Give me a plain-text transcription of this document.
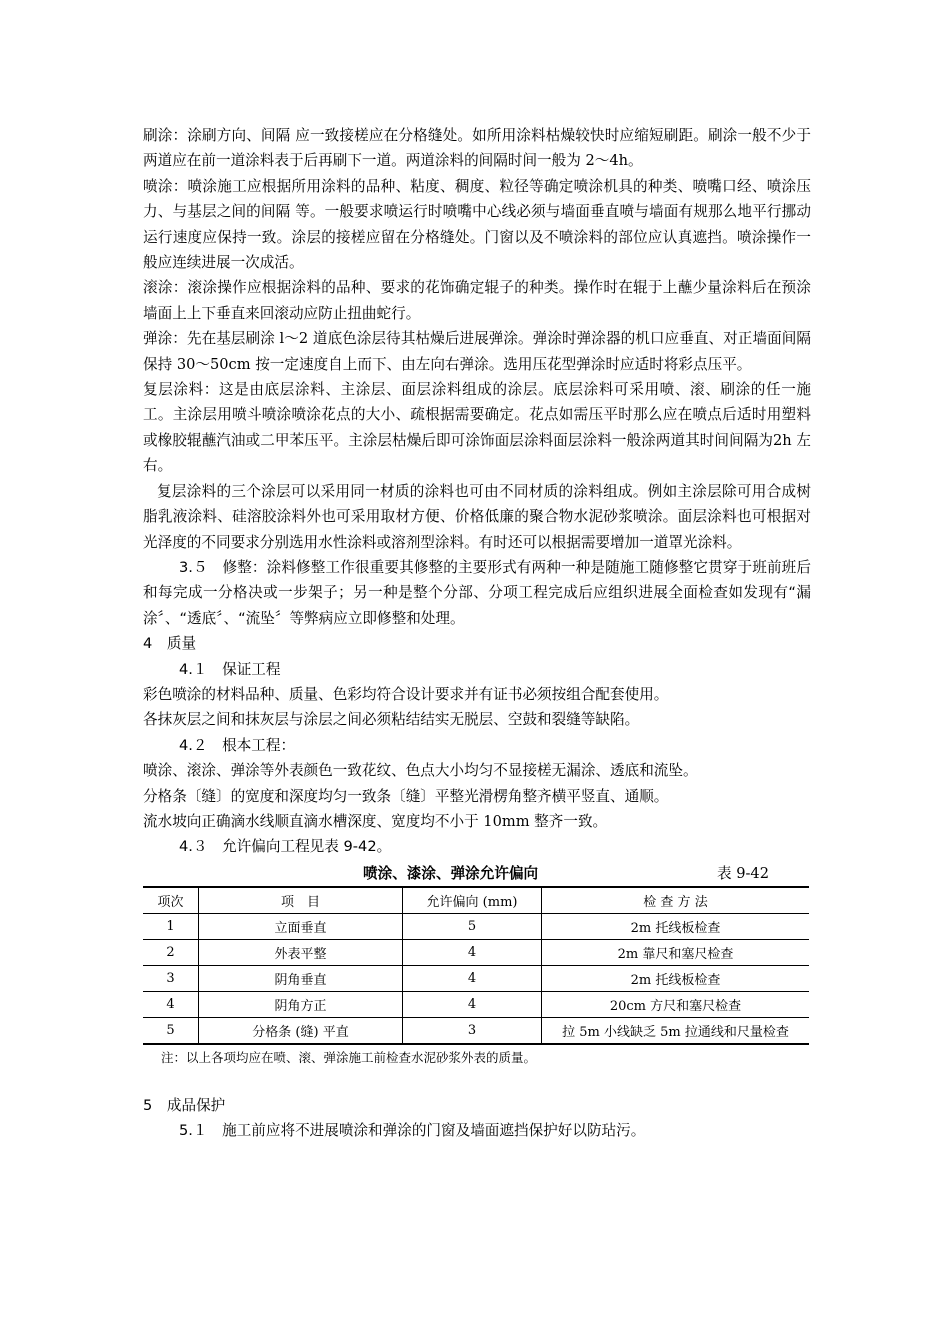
刷涂：涂刷方向、间隔 应一致接槎应在分格缝处。如所用涂料枯燥较快时应缩短刷距。刷涂一般不少于两道应在前一道涂料表于后再刷下一道。两道涂料的间隔时间一般为 2～4h。

喷涂：喷涂施工应根据所用涂料的品种、粘度、稠度、粒径等确定喷涂机具的种类、喷嘴口经、喷涂压力、与基层之间的间隔 等。一般要求喷运行时喷嘴中心线必须与墙面垂直喷与墙面有规那么地平行挪动运行速度应保持一致。涂层的接槎应留在分格缝处。门窗以及不喷涂料的部位应认真遮挡。喷涂操作一般应连续进展一次成活。

滚涂：滚涂操作应根据涂料的品种、要求的花饰确定辊子的种类。操作时在辊于上蘸少量涂料后在预涂墙面上上下垂直来回滚动应防止扭曲蛇行。

弹涂：先在基层刷涂 l～2 道底色涂层待其枯燥后进展弹涂。弹涂时弹涂器的机口应垂直、对正墙面间隔 保持 30～50cm 按一定速度自上而下、由左向右弹涂。选用压花型弹涂时应适时将彩点压平。

复层涂料：这是由底层涂料、主涂层、面层涂料组成的涂层。底层涂料可采用喷、滚、刷涂的任一施工。主涂层用喷斗喷涂喷涂花点的大小、疏根据需要确定。花点如需压平时那么应在喷点后适时用塑料或橡胶辊蘸汽油或二甲苯压平。主涂层枯燥后即可涂饰面层涂料面层涂料一般涂两道其时间间隔为2h 左右。

复层涂料的三个涂层可以采用同一材质的涂料也可由不同材质的涂料组成。例如主涂层除可用合成树脂乳液涂料、硅溶胶涂料外也可采用取材方便、价格低廉的聚合物水泥砂浆喷涂。面层涂料也可根据对光泽度的不同要求分别选用水性涂料或溶剂型涂料。有时还可以根据需要增加一道罩光涂料。

3.５　修整：涂料修整工作很重要其修整的主要形式有两种一种是随施工随修整它贯穿于班前班后和每完成一分格决或一步架子；另一种是整个分部、分项工程完成后应组织进展全面检查如发现有“漏涂〞、“透底〞、“流坠〞等弊病应立即修整和处理。

4　质量

4.１　保证工程

彩色喷涂的材料品种、质量、色彩均符合设计要求并有证书必须按组合配套使用。

各抹灰层之间和抹灰层与涂层之间必须粘结结实无脱层、空鼓和裂缝等缺陷。

4.２　根本工程：

喷涂、滚涂、弹涂等外表颜色一致花纹、色点大小均匀不显接槎无漏涂、透底和流坠。

分格条〔缝〕的宽度和深度均匀一致条〔缝〕平整光滑楞角整齐横平竖直、通顺。

流水坡向正确滴水线顺直滴水槽深度、宽度均不小于 10mm 整齐一致。

4.３　允许偏向工程见表 9-42。

喷涂、漆涂、弹涂允许偏向	表 9-42
项次	项　目	允许偏向 (mm)	检 查 方 法
1	立面垂直	5	2m 托线板检查
2	外表平整	4	2m 靠尺和塞尺检查
3	阴角垂直	4	2m 托线板检查
4	阴角方正	4	20cm 方尺和塞尺检查
5	分格条 (缝) 平直	3	拉 5m 小线缺乏 5m 拉通线和尺量检查

注：以上各项均应在喷、滚、弹涂施工前检查水泥砂浆外表的质量。

5　成品保护

5.１　施工前应将不进展喷涂和弹涂的门窗及墙面遮挡保护好以防玷污。
